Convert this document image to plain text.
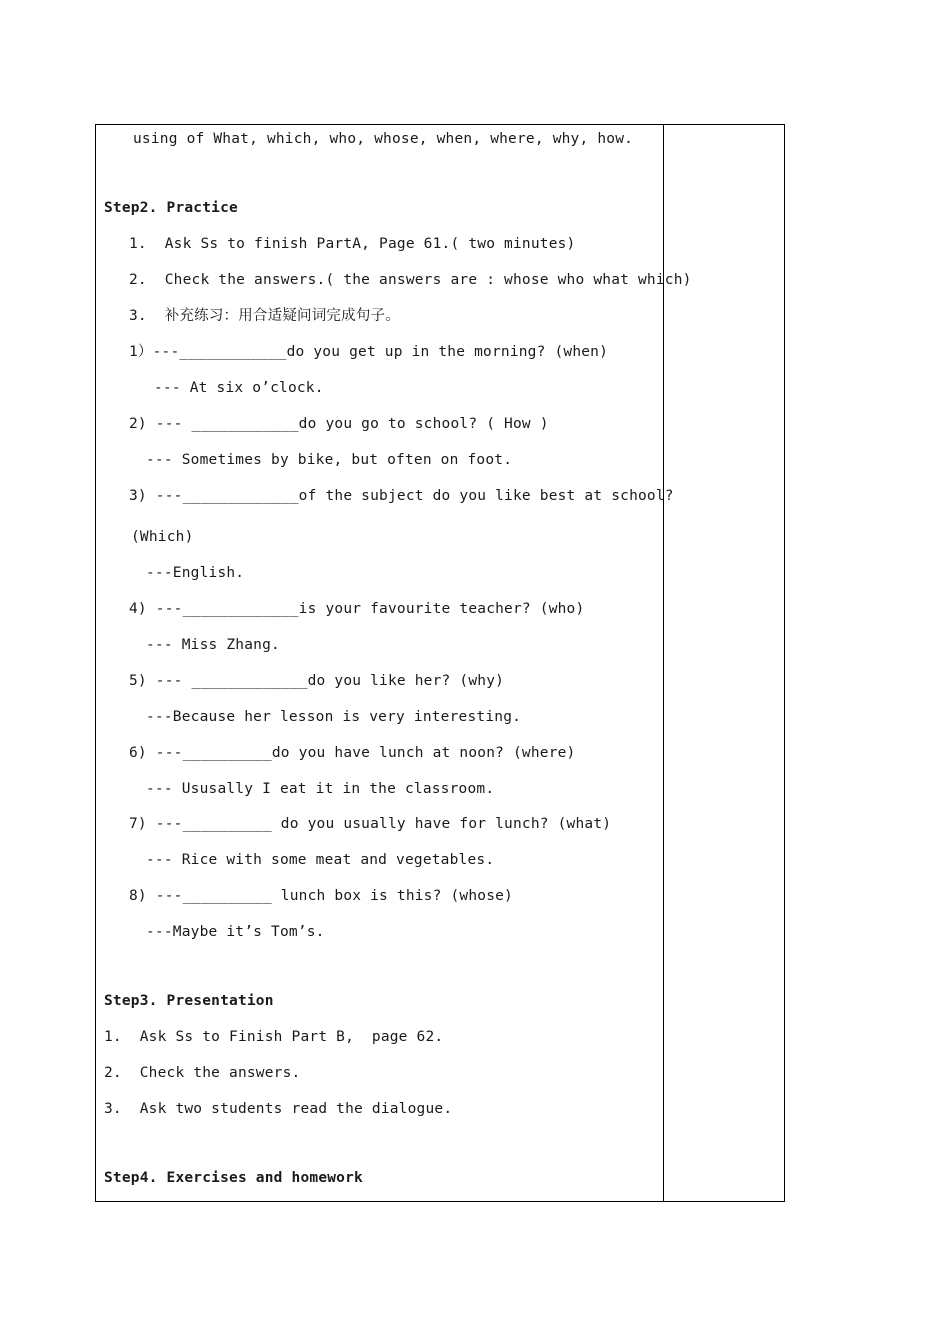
using of What, which, who, whose, when, where, why, how.
Step2. Practice
1.  Ask Ss to finish PartA, Page 61.( two minutes)
2.  Check the answers.( the answers are : whose who what which)
3.  补充练习：用合适疑问词完成句子。
1）---____________do you get up in the morning? (when)
--- At six o’clock.
2) --- ____________do you go to school? ( How )
--- Sometimes by bike, but often on foot.
3) ---_____________of the subject do you like best at school?
(Which)
---English.
4) ---_____________is your favourite teacher? (who)
--- Miss Zhang.
5) --- _____________do you like her? (why)
---Because her lesson is very interesting.
6) ---__________do you have lunch at noon? (where)
--- Ususally I eat it in the classroom.
7) ---__________ do you usually have for lunch? (what)
--- Rice with some meat and vegetables.
8) ---__________ lunch box is this? (whose)
---Maybe it’s Tom’s.
Step3. Presentation
1.  Ask Ss to Finish Part B,  page 62.
2.  Check the answers.
3.  Ask two students read the dialogue.
Step4. Exercises and homework
